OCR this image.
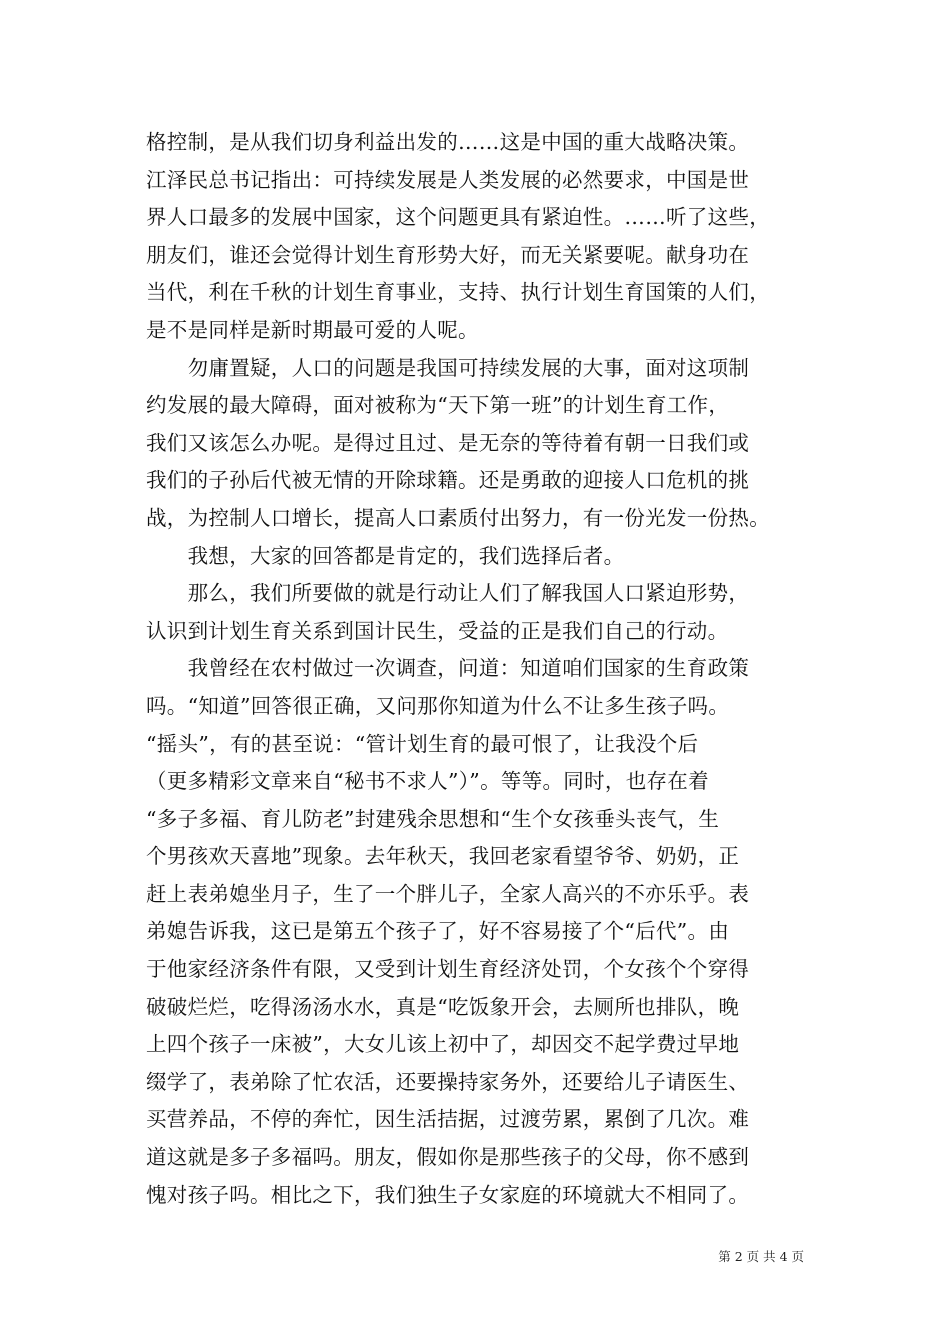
格控制，是从我们切身利益出发的……这是中国的重大战略决策。
江泽民总书记指出：可持续发展是人类发展的必然要求，中国是世
界人口最多的发展中国家，这个问题更具有紧迫性。……听了这些，
朋友们，谁还会觉得计划生育形势大好，而无关紧要呢。献身功在
当代，利在千秋的计划生育事业，支持、执行计划生育国策的人们，
是不是同样是新时期最可爱的人呢。
　　勿庸置疑，人口的问题是我国可持续发展的大事，面对这项制
约发展的最大障碍，面对被称为“天下第一班”的计划生育工作，
我们又该怎么办呢。是得过且过、是无奈的等待着有朝一日我们或
我们的子孙后代被无情的开除球籍。还是勇敢的迎接人口危机的挑
战，为控制人口增长，提高人口素质付出努力，有一份光发一份热。
　　我想，大家的回答都是肯定的，我们选择后者。
　　那么，我们所要做的就是行动让人们了解我国人口紧迫形势，
认识到计划生育关系到国计民生，受益的正是我们自己的行动。
　　我曾经在农村做过一次调查，问道：知道咱们国家的生育政策
吗。“知道”回答很正确，又问那你知道为什么不让多生孩子吗。
“摇头”，有的甚至说：“管计划生育的最可恨了，让我没个后
（更多精彩文章来自“秘书不求人”）”。等等。同时，也存在着
“多子多福、育儿防老”封建残余思想和“生个女孩垂头丧气，生
个男孩欢天喜地”现象。去年秋天，我回老家看望爷爷、奶奶，正
赶上表弟媳坐月子，生了一个胖儿子，全家人高兴的不亦乐乎。表
弟媳告诉我，这已是第五个孩子了，好不容易接了个“后代”。由
于他家经济条件有限，又受到计划生育经济处罚，个女孩个个穿得
破破烂烂，吃得汤汤水水，真是“吃饭象开会，去厕所也排队，晚
上四个孩子一床被”，大女儿该上初中了，却因交不起学费过早地
缀学了，表弟除了忙农活，还要操持家务外，还要给儿子请医生、
买营养品，不停的奔忙，因生活拮据，过渡劳累，累倒了几次。难
道这就是多子多福吗。朋友，假如你是那些孩子的父母，你不感到
愧对孩子吗。相比之下，我们独生子女家庭的环境就大不相同了。
第 2 页 共 4 页
